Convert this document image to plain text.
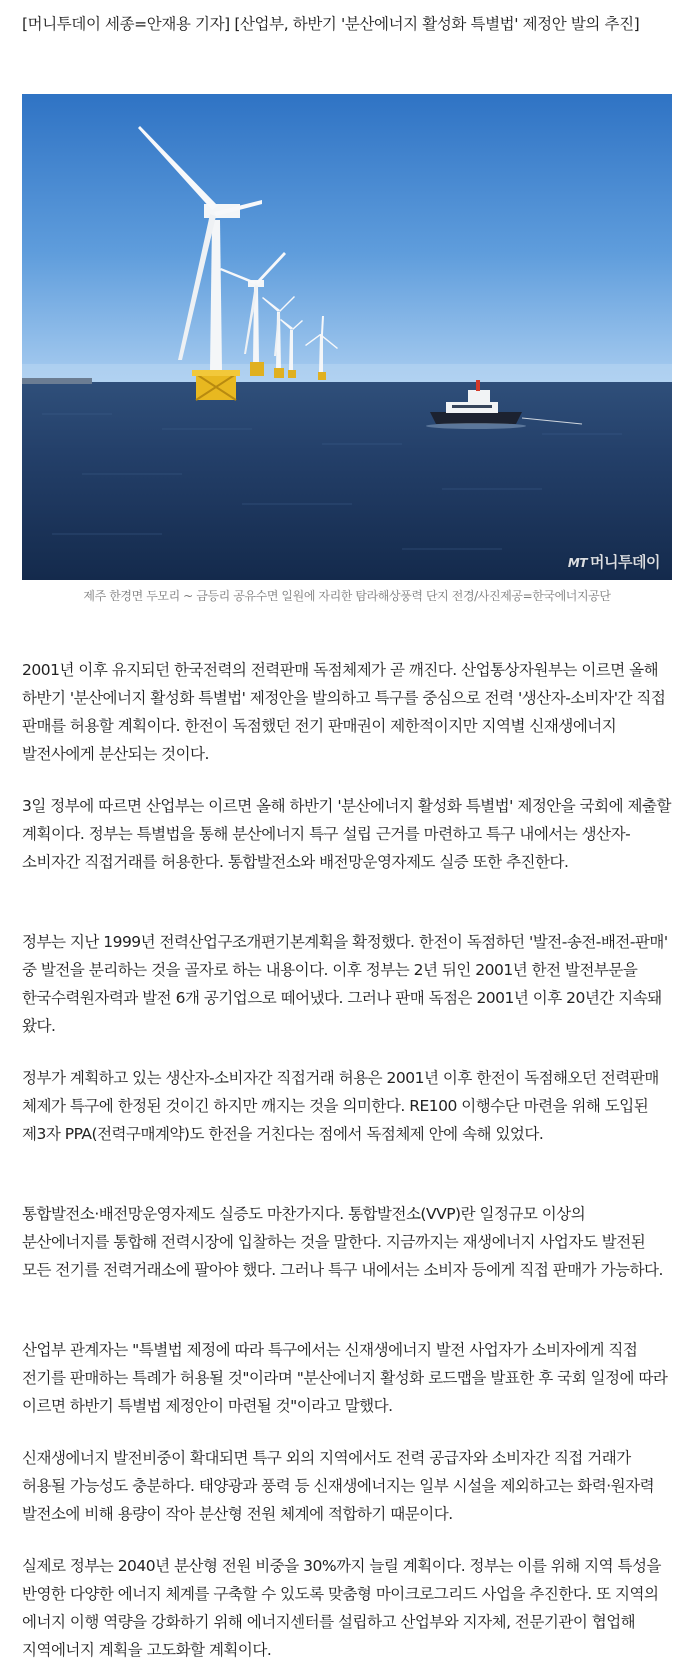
[머니투데이 세종=안재용 기자] [산업부, 하반기 '분산에너지 활성화 특별법' 제정안 발의 추진]
MT 머니투데이
제주 한경면 두모리 ~ 금등리 공유수면 일원에 자리한 탐라해상풍력 단지 전경/사진제공=한국에너지공단
2001년 이후 유지되던 한국전력의 전력판매 독점체제가 곧 깨진다. 산업통상자원부는 이르면 올해 하반기 '분산에너지 활성화 특별법' 제정안을 발의하고 특구를 중심으로 전력 '생산자-소비자'간 직접 판매를 허용할 계획이다. 한전이 독점했던 전기 판매권이 제한적이지만 지역별 신재생에너지 발전사에게 분산되는 것이다.
3일 정부에 따르면 산업부는 이르면 올해 하반기 '분산에너지 활성화 특별법' 제정안을 국회에 제출할 계획이다. 정부는 특별법을 통해 분산에너지 특구 설립 근거를 마련하고 특구 내에서는 생산자-소비자간 직접거래를 허용한다. 통합발전소와 배전망운영자제도 실증 또한 추진한다.
정부는 지난 1999년 전력산업구조개편기본계획을 확정했다. 한전이 독점하던 '발전-송전-배전-판매' 중 발전을 분리하는 것을 골자로 하는 내용이다. 이후 정부는 2년 뒤인 2001년 한전 발전부문을 한국수력원자력과 발전 6개 공기업으로 떼어냈다. 그러나 판매 독점은 2001년 이후 20년간 지속돼 왔다.
정부가 계획하고 있는 생산자-소비자간 직접거래 허용은 2001년 이후 한전이 독점해오던 전력판매 체제가 특구에 한정된 것이긴 하지만 깨지는 것을 의미한다. RE100 이행수단 마련을 위해 도입된 제3자 PPA(전력구매계약)도 한전을 거친다는 점에서 독점체제 안에 속해 있었다.
통합발전소·배전망운영자제도 실증도 마찬가지다. 통합발전소(VVP)란 일정규모 이상의 분산에너지를 통합해 전력시장에 입찰하는 것을 말한다. 지금까지는 재생에너지 사업자도 발전된 모든 전기를 전력거래소에 팔아야 했다. 그러나 특구 내에서는 소비자 등에게 직접 판매가 가능하다.
산업부 관계자는 "특별법 제정에 따라 특구에서는 신재생에너지 발전 사업자가 소비자에게 직접 전기를 판매하는 특례가 허용될 것"이라며 "분산에너지 활성화 로드맵을 발표한 후 국회 일정에 따라 이르면 하반기 특별법 제정안이 마련될 것"이라고 말했다.
신재생에너지 발전비중이 확대되면 특구 외의 지역에서도 전력 공급자와 소비자간 직접 거래가 허용될 가능성도 충분하다. 태양광과 풍력 등 신재생에너지는 일부 시설을 제외하고는 화력·원자력 발전소에 비해 용량이 작아 분산형 전원 체계에 적합하기 때문이다.
실제로 정부는 2040년 분산형 전원 비중을 30%까지 늘릴 계획이다. 정부는 이를 위해 지역 특성을 반영한 다양한 에너지 체계를 구축할 수 있도록 맞춤형 마이크로그리드 사업을 추진한다. 또 지역의 에너지 이행 역량을 강화하기 위해 에너지센터를 설립하고 산업부와 지자체, 전문기관이 협업해 지역에너지 계획을 고도화할 계획이다.
